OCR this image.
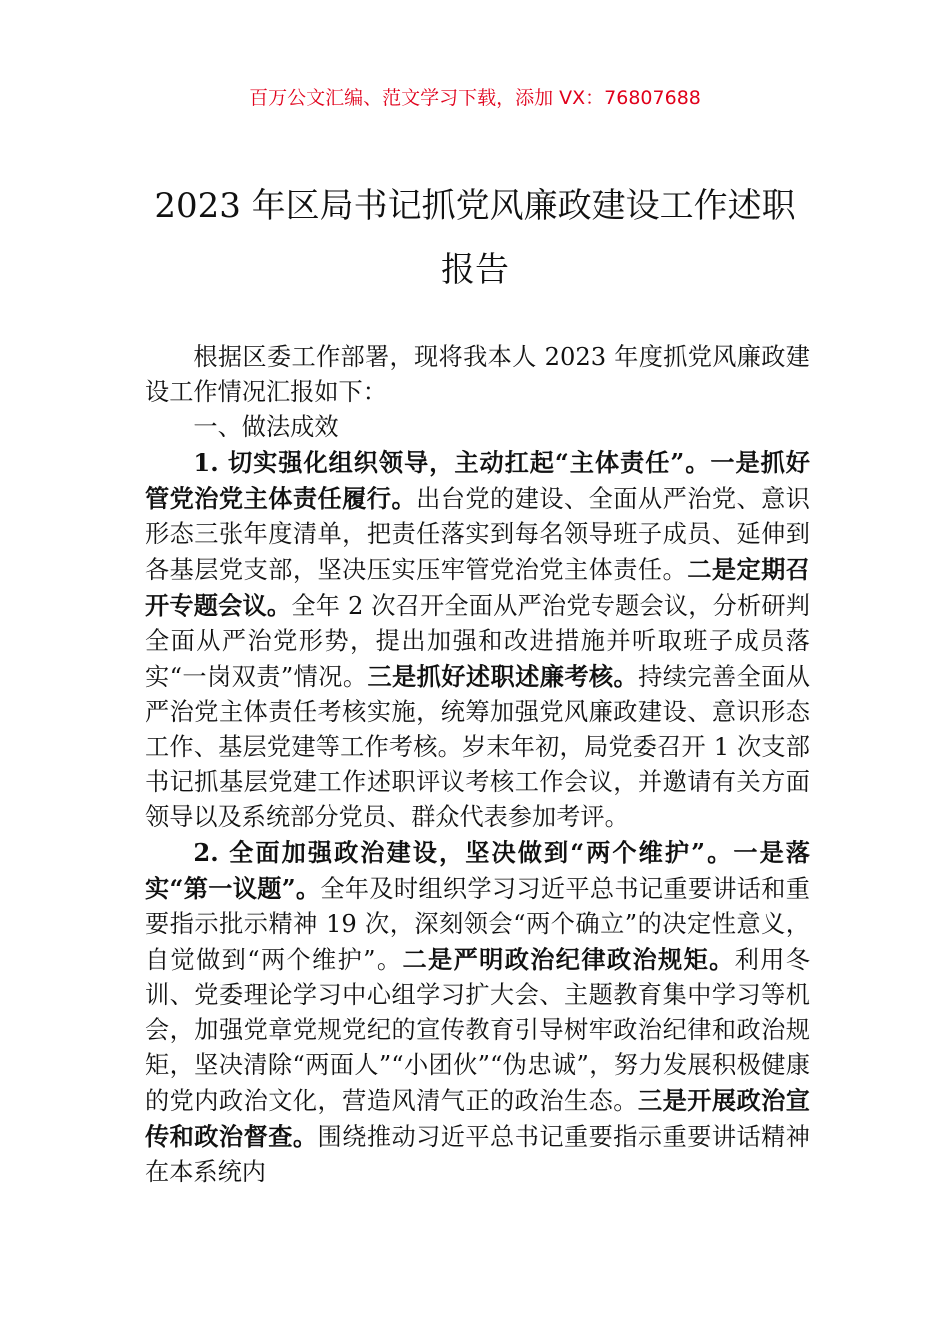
百万公文汇编、范文学习下载，添加 VX：76807688
2023 年区局书记抓党风廉政建设工作述职报告

根据区委工作部署，现将我本人 2023 年度抓党风廉政建设工作情况汇报如下：

一、做法成效

1. 切实强化组织领导，主动扛起“主体责任”。一是抓好管党治党主体责任履行。出台党的建设、全面从严治党、意识形态三张年度清单，把责任落实到每名领导班子成员、延伸到各基层党支部，坚决压实压牢管党治党主体责任。二是定期召开专题会议。全年 2 次召开全面从严治党专题会议，分析研判全面从严治党形势，提出加强和改进措施并听取班子成员落实“一岗双责”情况。三是抓好述职述廉考核。持续完善全面从严治党主体责任考核实施，统筹加强党风廉政建设、意识形态工作、基层党建等工作考核。岁末年初，局党委召开 1 次支部书记抓基层党建工作述职评议考核工作会议，并邀请有关方面领导以及系统部分党员、群众代表参加考评。

2. 全面加强政治建设，坚决做到“两个维护”。一是落实“第一议题”。全年及时组织学习习近平总书记重要讲话和重要指示批示精神 19 次，深刻领会“两个确立”的决定性意义，自觉做到“两个维护”。二是严明政治纪律政治规矩。利用冬训、党委理论学习中心组学习扩大会、主题教育集中学习等机会，加强党章党规党纪的宣传教育引导树牢政治纪律和政治规矩，坚决清除“两面人”“小团伙”“伪忠诚”，努力发展积极健康的党内政治文化，营造风清气正的政治生态。三是开展政治宣传和政治督查。围绕推动习近平总书记重要指示重要讲话精神在本系统内
